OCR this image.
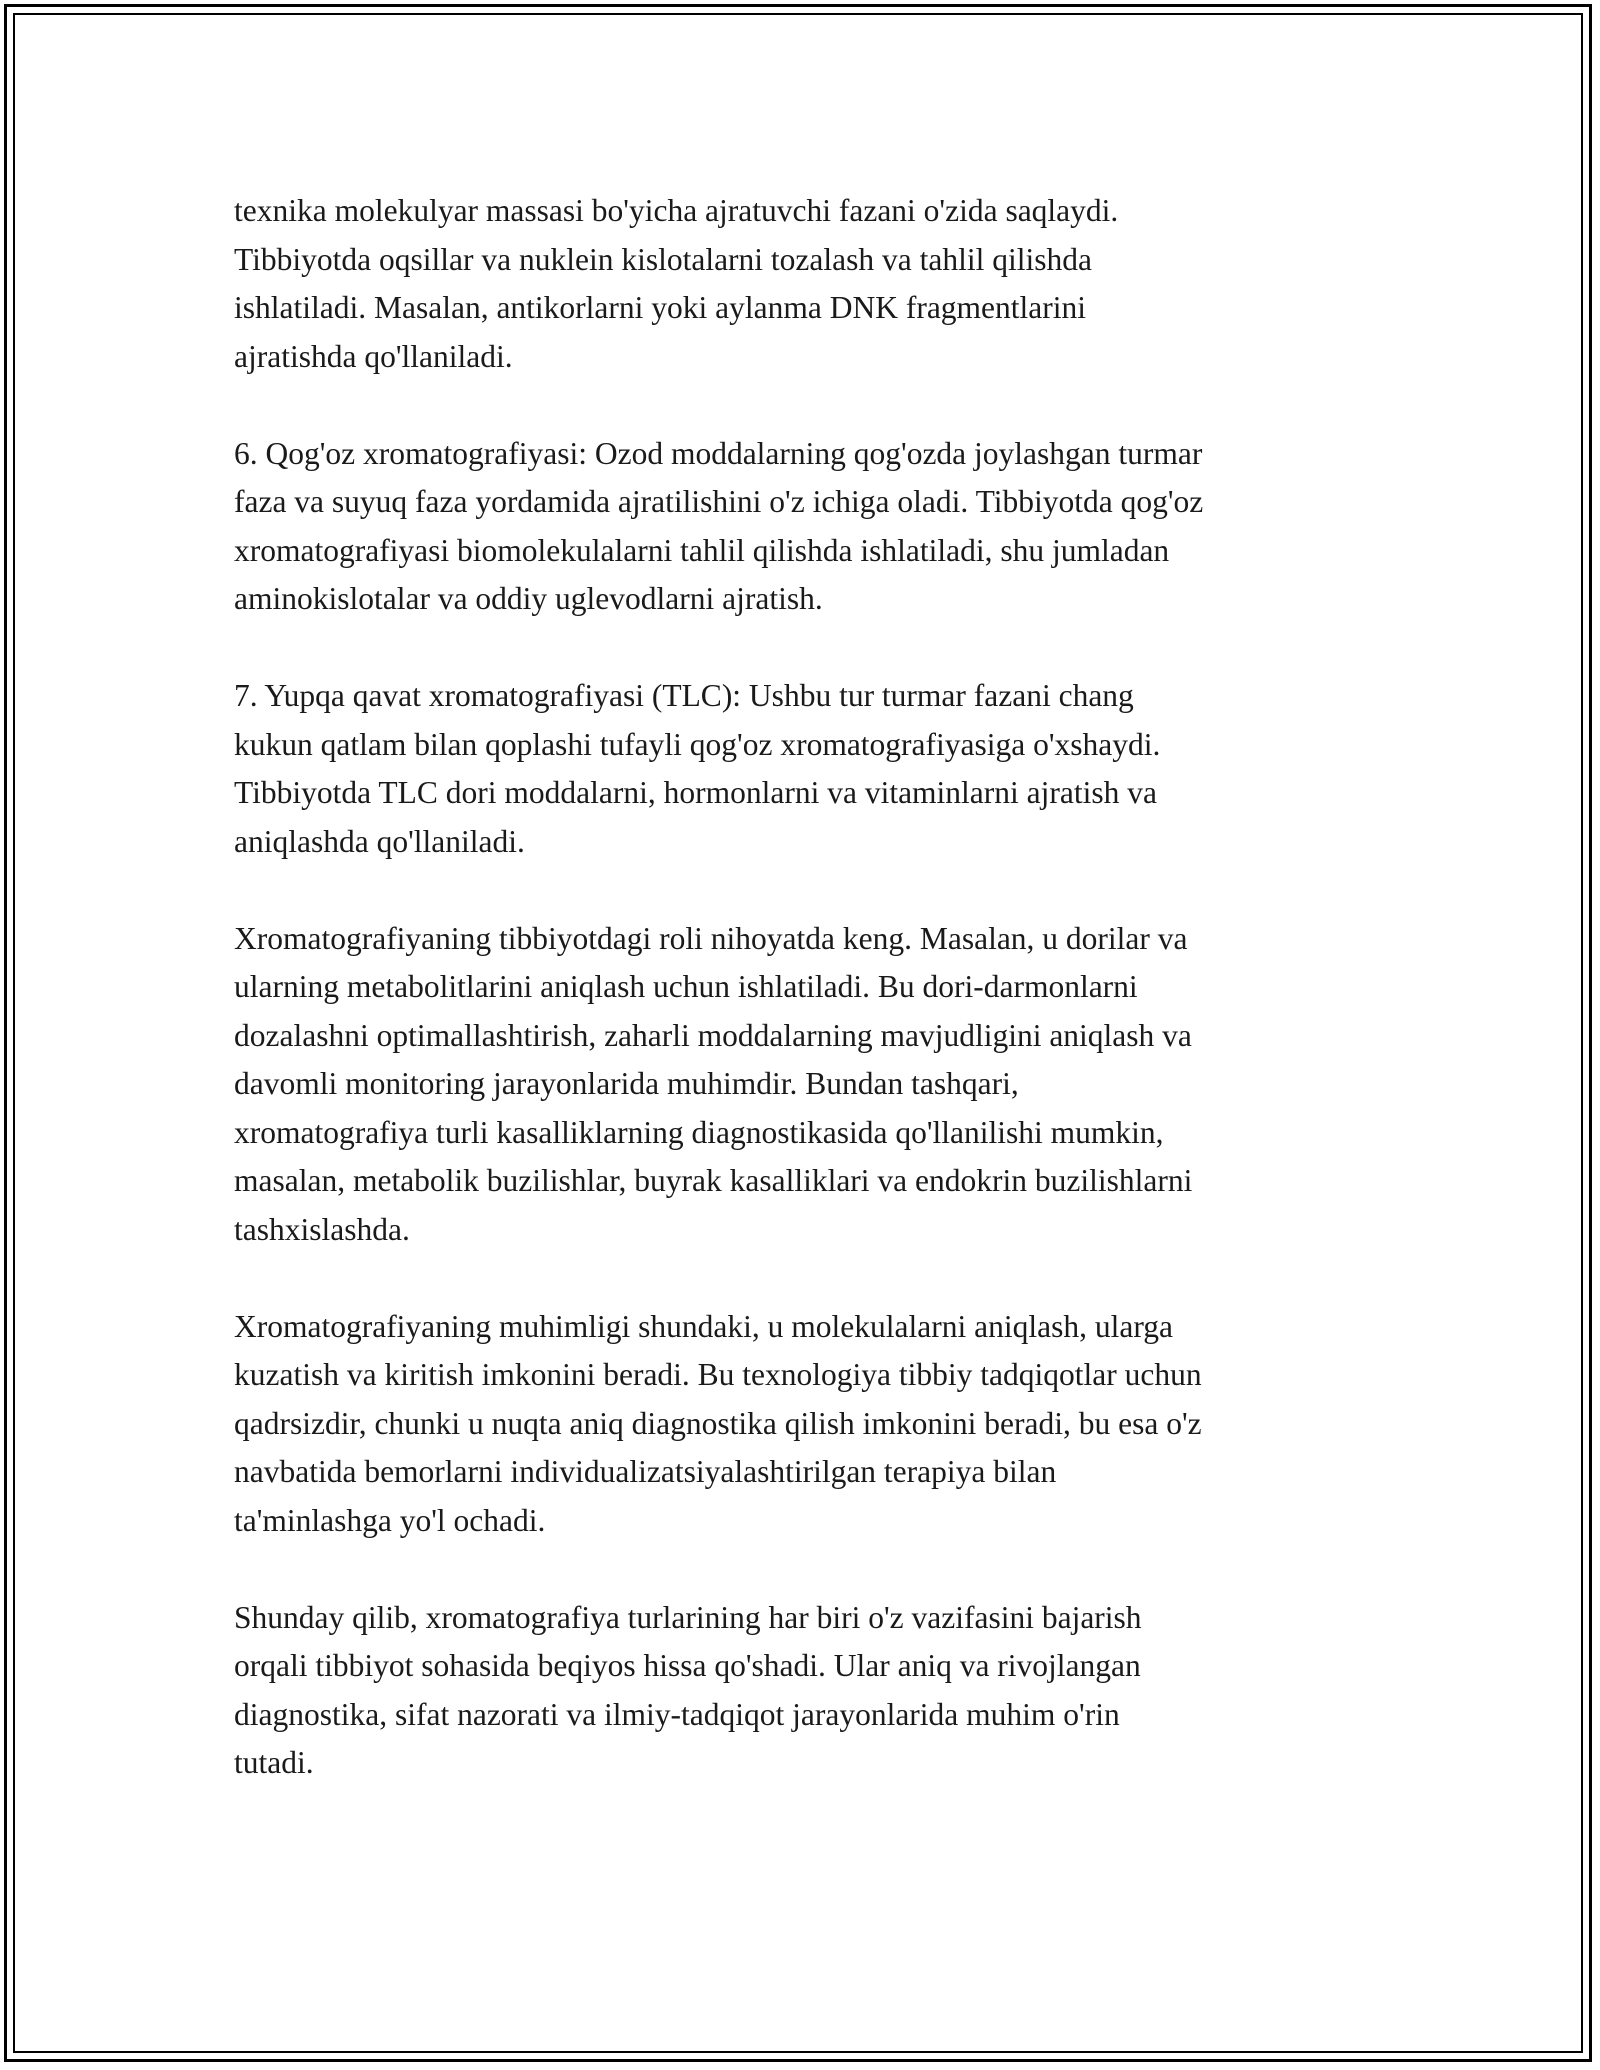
texnika molekulyar massasi bo'yicha ajratuvchi fazani o'zida saqlaydi.
Tibbiyotda oqsillar va nuklein kislotalarni tozalash va tahlil qilishda
ishlatiladi. Masalan, antikorlarni yoki aylanma DNK fragmentlarini
ajratishda qo'llaniladi.

6. Qog'oz xromatografiyasi: Ozod moddalarning qog'ozda joylashgan turmar
faza va suyuq faza yordamida ajratilishini o'z ichiga oladi. Tibbiyotda qog'oz
xromatografiyasi biomolekulalarni tahlil qilishda ishlatiladi, shu jumladan
aminokislotalar va oddiy uglevodlarni ajratish.

7. Yupqa qavat xromatografiyasi (TLC): Ushbu tur turmar fazani chang
kukun qatlam bilan qoplashi tufayli qog'oz xromatografiyasiga o'xshaydi.
Tibbiyotda TLC dori moddalarni, hormonlarni va vitaminlarni ajratish va
aniqlashda qo'llaniladi.

Xromatografiyaning tibbiyotdagi roli nihoyatda keng. Masalan, u dorilar va
ularning metabolitlarini aniqlash uchun ishlatiladi. Bu dori-darmonlarni
dozalashni optimallashtirish, zaharli moddalarning mavjudligini aniqlash va
davomli monitoring jarayonlarida muhimdir. Bundan tashqari,
xromatografiya turli kasalliklarning diagnostikasida qo'llanilishi mumkin,
masalan, metabolik buzilishlar, buyrak kasalliklari va endokrin buzilishlarni
tashxislashda.

Xromatografiyaning muhimligi shundaki, u molekulalarni aniqlash, ularga
kuzatish va kiritish imkonini beradi. Bu texnologiya tibbiy tadqiqotlar uchun
qadrsizdir, chunki u nuqta aniq diagnostika qilish imkonini beradi, bu esa o'z
navbatida bemorlarni individualizatsiyalashtirilgan terapiya bilan
ta'minlashga yo'l ochadi.

Shunday qilib, xromatografiya turlarining har biri o'z vazifasini bajarish
orqali tibbiyot sohasida beqiyos hissa qo'shadi. Ular aniq va rivojlangan
diagnostika, sifat nazorati va ilmiy-tadqiqot jarayonlarida muhim o'rin
tutadi.
